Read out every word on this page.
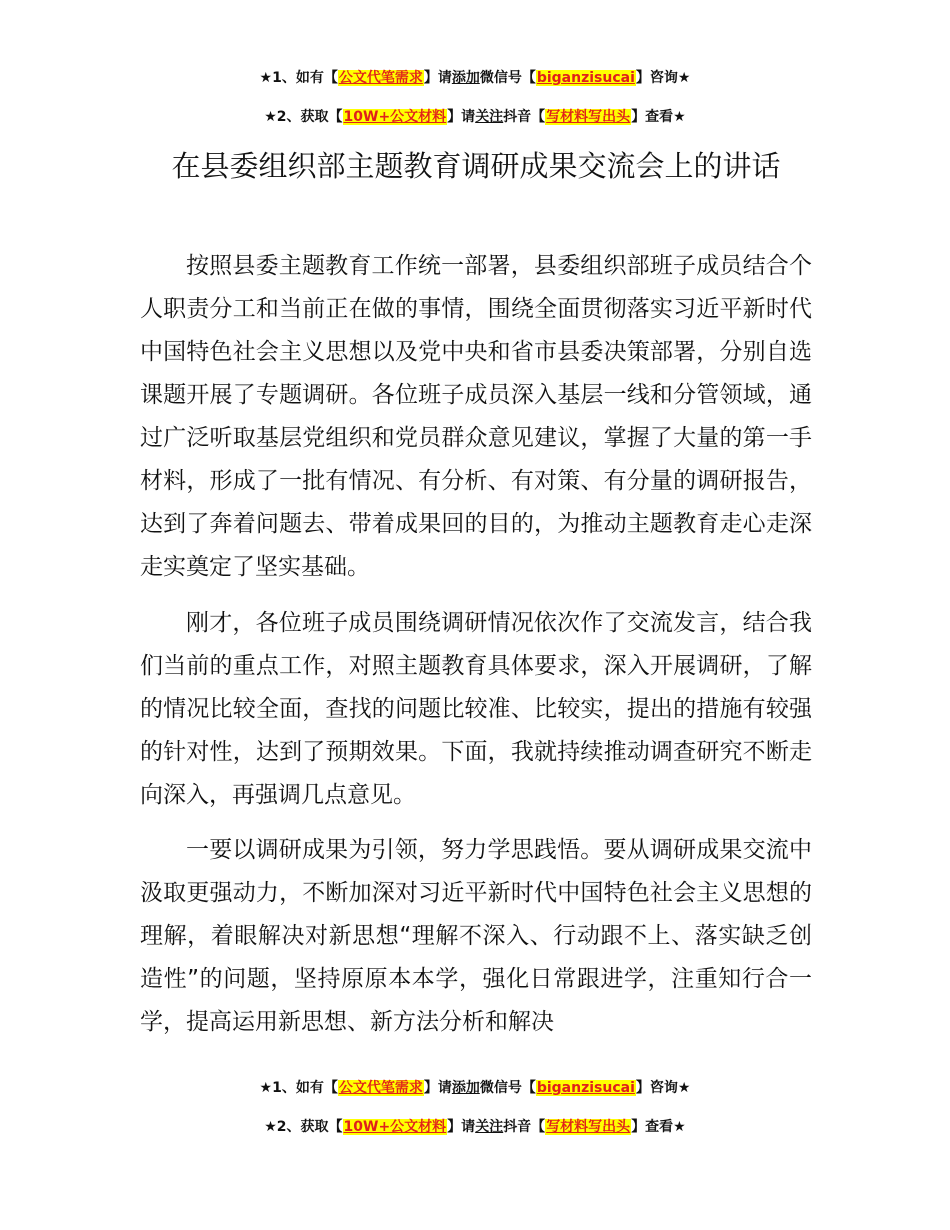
★1、如有【公文代笔需求】请添加微信号【biganzisucai】咨询★
★2、获取【10W+公文材料】请关注抖音【写材料写出头】查看★
在县委组织部主题教育调研成果交流会上的讲话

按照县委主题教育工作统一部署，县委组织部班子成员结合个人职责分工和当前正在做的事情，围绕全面贯彻落实习近平新时代中国特色社会主义思想以及党中央和省市县委决策部署，分别自选课题开展了专题调研。各位班子成员深入基层一线和分管领域，通过广泛听取基层党组织和党员群众意见建议，掌握了大量的第一手材料，形成了一批有情况、有分析、有对策、有分量的调研报告，达到了奔着问题去、带着成果回的目的，为推动主题教育走心走深走实奠定了坚实基础。

刚才，各位班子成员围绕调研情况依次作了交流发言，结合我们当前的重点工作，对照主题教育具体要求，深入开展调研，了解的情况比较全面，查找的问题比较准、比较实，提出的措施有较强的针对性，达到了预期效果。下面，我就持续推动调查研究不断走向深入，再强调几点意见。

一要以调研成果为引领，努力学思践悟。要从调研成果交流中汲取更强动力，不断加深对习近平新时代中国特色社会主义思想的理解，着眼解决对新思想“理解不深入、行动跟不上、落实缺乏创造性”的问题，坚持原原本本学，强化日常跟进学，注重知行合一学，提高运用新思想、新方法分析和解决

★1、如有【公文代笔需求】请添加微信号【biganzisucai】咨询★
★2、获取【10W+公文材料】请关注抖音【写材料写出头】查看★
